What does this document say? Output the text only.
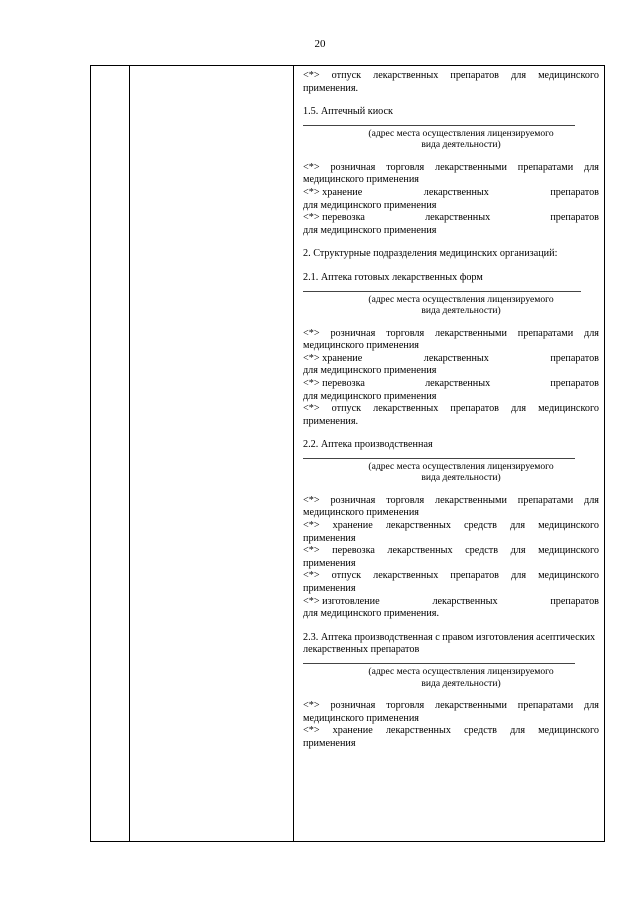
20
<*> отпуск лекарственных препаратов для медицинского применения.
1.5. Аптечный киоск
(адрес места осуществления лицензируемого
вида деятельности)
<*> розничная торговля лекарственными препаратами для медицинского применения
<*> хранение	лекарственных	препаратов
для медицинского применения
<*> перевозка	лекарственных	препаратов
для медицинского применения
2. Структурные подразделения медицинских организаций:
2.1. Аптека готовых лекарственных форм
(адрес места осуществления лицензируемого
вида деятельности)
<*> розничная торговля лекарственными препаратами для медицинского применения
<*> хранение	лекарственных	препаратов
для медицинского применения
<*> перевозка	лекарственных	препаратов
для медицинского применения
<*> отпуск лекарственных препаратов для медицинского применения.
2.2. Аптека производственная
(адрес места осуществления лицензируемого
вида деятельности)
<*> розничная торговля лекарственными препаратами для медицинского применения
<*> хранение лекарственных средств для медицинского применения
<*> перевозка лекарственных средств для медицинского применения
<*> отпуск лекарственных препаратов для медицинского применения
<*> изготовление	лекарственных	препаратов
для медицинского применения.
2.3. Аптека производственная с правом изготовления асептических лекарственных препаратов
(адрес места осуществления лицензируемого
вида деятельности)
<*> розничная торговля лекарственными препаратами для медицинского применения
<*> хранение лекарственных средств для медицинского применения
